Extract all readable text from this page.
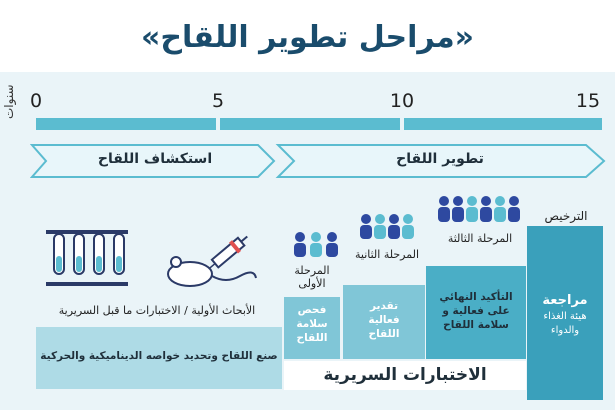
«مراحل تطوير اللقاح»
سنوات 0	5	10	15
استكشاف اللقاح	تطوير اللقاح
الأبحاث الأولية / الاختبارات ما قبل السريرية
صنع اللقاح وتحديد خواصه الديناميكية والحركية
المرحلة الأولى
فحص سلامة اللقاح
المرحلة الثانية
تقدير فعالية اللقاح
المرحلة الثالثة
التأكيد النهائي على فعالية و سلامة اللقاح
الترخيص
مراجعة
هيئة الغذاء والدواء
الاختبارات السريرية
